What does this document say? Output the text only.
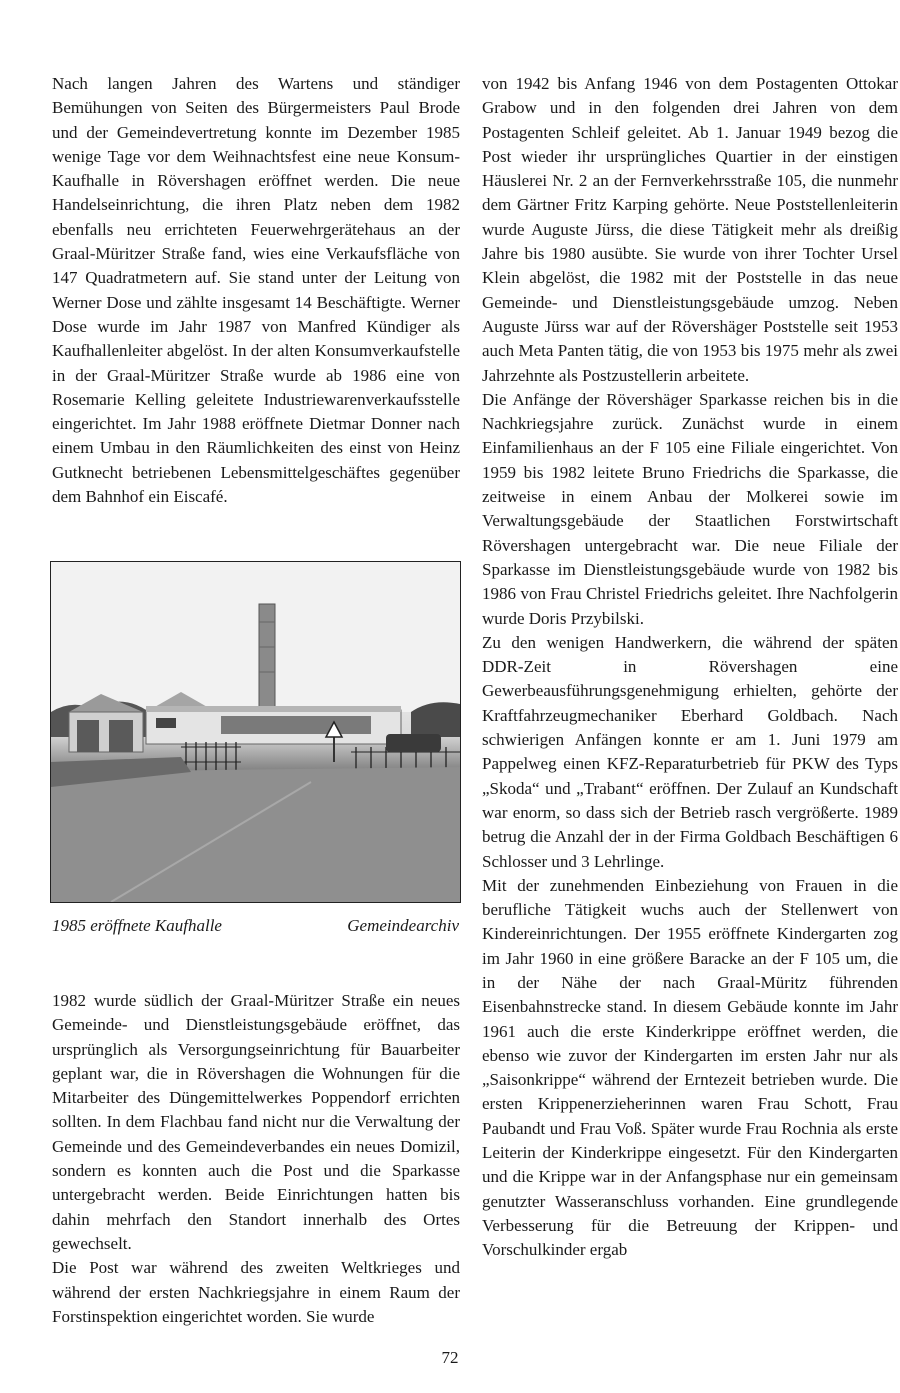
Nach langen Jahren des Wartens und ständiger Bemühungen von Seiten des Bürgermeisters Paul Brode und der Gemeindevertretung konnte im Dezember 1985 wenige Tage vor dem Weihnachtsfest eine neue Konsum-Kaufhalle in Rövershagen eröffnet werden. Die neue Handelseinrichtung, die ihren Platz neben dem 1982 ebenfalls neu errichteten Feuerwehrgerätehaus an der Graal-Müritzer Straße fand, wies eine Verkaufsfläche von 147 Quadratmetern auf. Sie stand unter der Leitung von Werner Dose und zählte insgesamt 14 Beschäftigte. Werner Dose wurde im Jahr 1987 von Manfred Kündiger als Kaufhallenleiter abgelöst. In der alten Konsumverkaufstelle in der Graal-Müritzer Straße wurde ab 1986 eine von Rosemarie Kelling geleitete Industriewarenverkaufsstelle eingerichtet. Im Jahr 1988 eröffnete Dietmar Donner nach einem Umbau in den Räumlichkeiten des einst von Heinz Gutknecht betriebenen Lebensmittelgeschäftes gegenüber dem Bahnhof ein Eiscafé.

1985 eröffnete Kaufhalle	Gemeindearchiv

1982 wurde südlich der Graal-Müritzer Straße ein neues Gemeinde- und Dienstleistungsgebäude eröffnet, das ursprünglich als Versorgungseinrichtung für Bauarbeiter geplant war, die in Rövershagen die Wohnungen für die Mitarbeiter des Düngemittelwerkes Poppendorf errichten sollten. In dem Flachbau fand nicht nur die Verwaltung der Gemeinde und des Gemeindeverbandes ein neues Domizil, sondern es konnten auch die Post und die Sparkasse untergebracht werden. Beide Einrichtungen hatten bis dahin mehrfach den Standort innerhalb des Ortes gewechselt.

Die Post war während des zweiten Weltkrieges und während der ersten Nachkriegsjahre in einem Raum der Forstinspektion eingerichtet worden. Sie wurde

von 1942 bis Anfang 1946 von dem Postagenten Ottokar Grabow und in den folgenden drei Jahren von dem Postagenten Schleif geleitet. Ab 1. Januar 1949 bezog die Post wieder ihr ursprüngliches Quartier in der einstigen Häuslerei Nr. 2 an der Fernverkehrsstraße 105, die nunmehr dem Gärtner Fritz Karping gehörte. Neue Poststellenleiterin wurde Auguste Jürss, die diese Tätigkeit mehr als dreißig Jahre bis 1980 ausübte. Sie wurde von ihrer Tochter Ursel Klein abgelöst, die 1982 mit der Poststelle in das neue Gemeinde- und Dienstleistungsgebäude umzog. Neben Auguste Jürss war auf der Rövershäger Poststelle seit 1953 auch Meta Panten tätig, die von 1953 bis 1975 mehr als zwei Jahrzehnte als Postzustellerin arbeitete.

Die Anfänge der Rövershäger Sparkasse reichen bis in die Nachkriegsjahre zurück. Zunächst wurde in einem Einfamilienhaus an der F 105 eine Filiale eingerichtet. Von 1959 bis 1982 leitete Bruno Friedrichs die Sparkasse, die zeitweise in einem Anbau der Molkerei sowie im Verwaltungsgebäude der Staatlichen Forstwirtschaft Rövershagen untergebracht war. Die neue Filiale der Sparkasse im Dienstleistungsgebäude wurde von 1982 bis 1986 von Frau Christel Friedrichs geleitet. Ihre Nachfolgerin wurde Doris Przybilski.

Zu den wenigen Handwerkern, die während der späten DDR-Zeit in Rövershagen eine Gewerbeausführungsgenehmigung erhielten, gehörte der Kraftfahrzeugmechaniker Eberhard Goldbach. Nach schwierigen Anfängen konnte er am 1. Juni 1979 am Pappelweg einen KFZ-Reparaturbetrieb für PKW des Typs „Skoda“ und „Trabant“ eröffnen. Der Zulauf an Kundschaft war enorm, so dass sich der Betrieb rasch vergrößerte. 1989 betrug die Anzahl der in der Firma Goldbach Beschäftigen 6 Schlosser und 3 Lehrlinge.

Mit der zunehmenden Einbeziehung von Frauen in die berufliche Tätigkeit wuchs auch der Stellenwert von Kindereinrichtungen. Der 1955 eröffnete Kindergarten zog im Jahr 1960 in eine größere Baracke an der F 105 um, die in der Nähe der nach Graal-Müritz führenden Eisenbahnstrecke stand. In diesem Gebäude konnte im Jahr 1961 auch die erste Kinderkrippe eröffnet werden, die ebenso wie zuvor der Kindergarten im ersten Jahr nur als „Saisonkrippe“ während der Erntezeit betrieben wurde. Die ersten Krippenerzieherinnen waren Frau Schott, Frau Paubandt und Frau Voß. Später wurde Frau Rochnia als erste Leiterin der Kinderkrippe eingesetzt. Für den Kindergarten und die Krippe war in der Anfangsphase nur ein gemeinsam genutzter Wasseranschluss vorhanden. Eine grundlegende Verbesserung für die Betreuung der Krippen- und Vorschulkinder ergab

72
